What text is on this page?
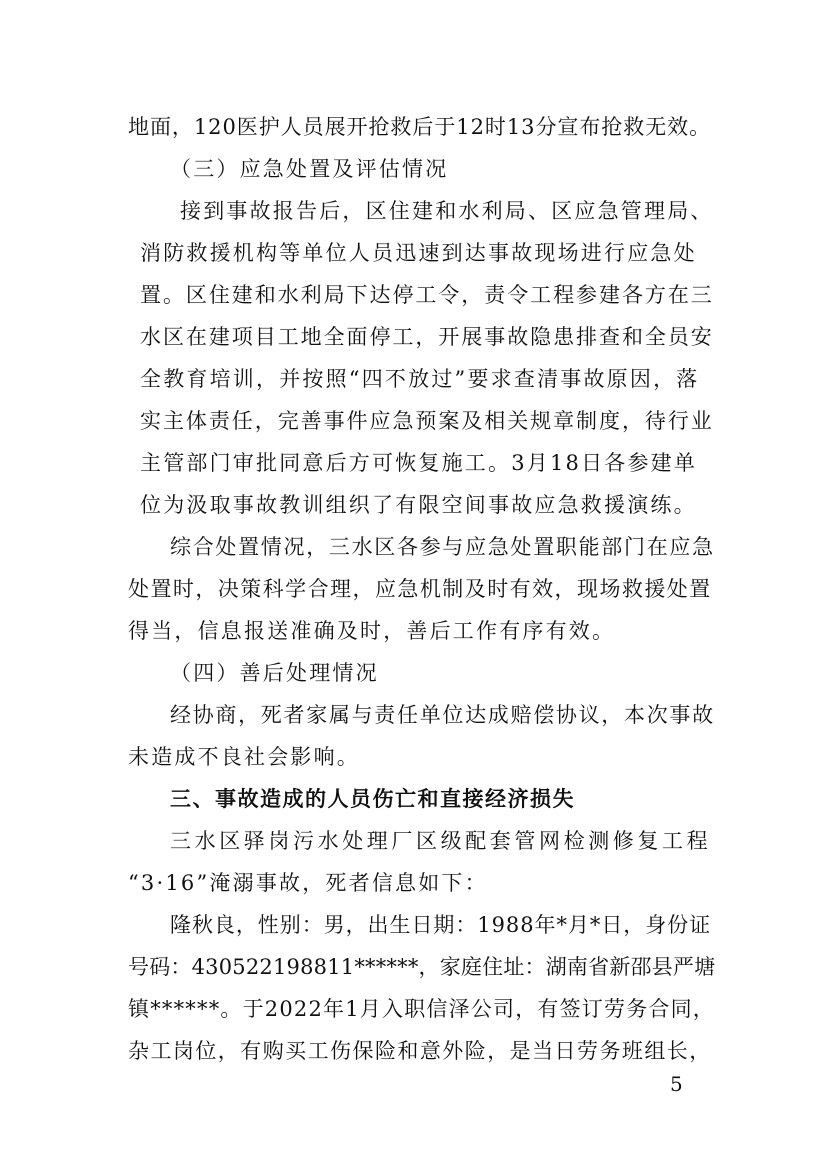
地面，120医护人员展开抢救后于12时13分宣布抢救无效。
（三）应急处置及评估情况
接到事故报告后，区住建和水利局、区应急管理局、
消防救援机构等单位人员迅速到达事故现场进行应急处
置。区住建和水利局下达停工令，责令工程参建各方在三
水区在建项目工地全面停工，开展事故隐患排查和全员安
全教育培训，并按照“四不放过”要求查清事故原因，落
实主体责任，完善事件应急预案及相关规章制度，待行业
主管部门审批同意后方可恢复施工。3月18日各参建单
位为汲取事故教训组织了有限空间事故应急救援演练。
综合处置情况，三水区各参与应急处置职能部门在应急
处置时，决策科学合理，应急机制及时有效，现场救援处置
得当，信息报送准确及时，善后工作有序有效。
（四）善后处理情况
经协商，死者家属与责任单位达成赔偿协议，本次事故
未造成不良社会影响。
三、事故造成的人员伤亡和直接经济损失
三水区驿岗污水处理厂区级配套管网检测修复工程
“3·16”淹溺事故，死者信息如下：
隆秋良，性别：男，出生日期：1988年*月*日，身份证
号码：430522198811******，家庭住址：湖南省新邵县严塘
镇******。于2022年1月入职信泽公司，有签订劳务合同，
杂工岗位，有购买工伤保险和意外险，是当日劳务班组长，
5
